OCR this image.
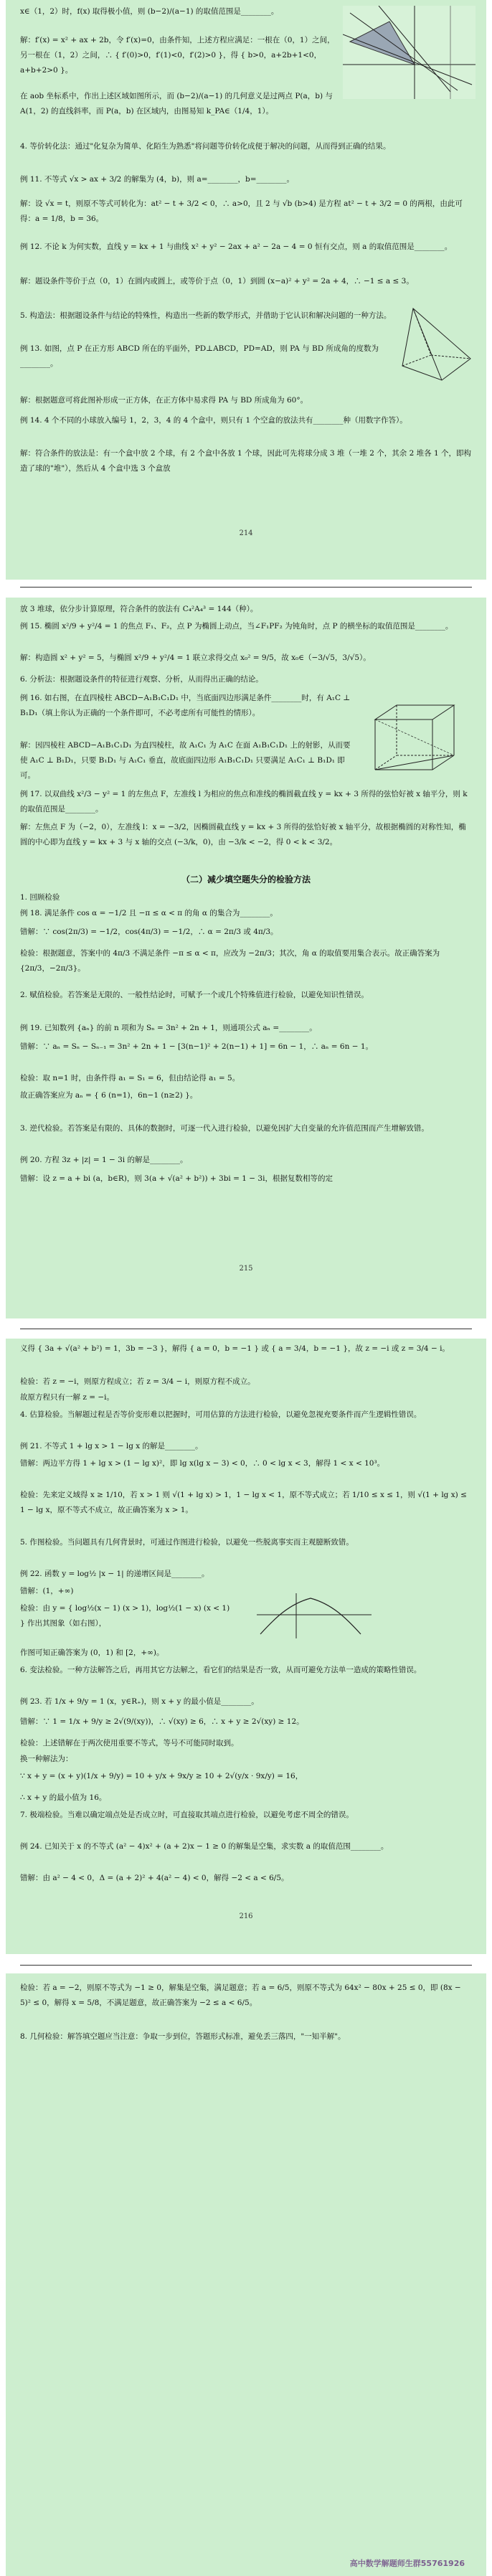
x∈（1，2）时，f(x) 取得极小值，则 (b−2)/(a−1) 的取值范围是________。
解：f′(x) = x² + ax + 2b，令 f′(x)=0，由条件知，上述方程应满足：一根在（0，1）之间，另一根在（1，2）之间，∴ { f′(0)>0，f′(1)<0，f′(2)>0 }，得 { b>0，a+2b+1<0，a+b+2>0 }。
在 aob 坐标系中，作出上述区域如图所示，而 (b−2)/(a−1) 的几何意义是过两点 P(a，b) 与 A(1，2) 的直线斜率，而 P(a，b) 在区域内，由图易知 k_PA∈（1/4，1）。
4. 等价转化法：通过"化复杂为简单、化陌生为熟悉"将问题等价转化成便于解决的问题，从而得到正确的结果。
例 11. 不等式 √x > ax + 3/2 的解集为 (4，b)，则 a=________，b=________。
解：设 √x = t，则原不等式可转化为：at² − t + 3/2 < 0，∴ a>0，且 2 与 √b (b>4) 是方程 at² − t + 3/2 = 0 的两根，由此可得：a = 1/8，b = 36。
例 12. 不论 k 为何实数，直线 y = kx + 1 与曲线 x² + y² − 2ax + a² − 2a − 4 = 0 恒有交点，则 a 的取值范围是________。
解：题设条件等价于点（0，1）在圆内或圆上，或等价于点（0，1）到圆 (x−a)² + y² = 2a + 4，∴ −1 ≤ a ≤ 3。
5. 构造法：根据题设条件与结论的特殊性，构造出一些新的数学形式，并借助于它认识和解决问题的一种方法。
例 13. 如图，点 P 在正方形 ABCD 所在的平面外，PD⊥ABCD，PD=AD，则 PA 与 BD 所成角的度数为________。
解：根据题意可将此图补形成一正方体，在正方体中易求得 PA 与 BD 所成角为 60°。
例 14. 4 个不同的小球放入编号 1，2，3，4 的 4 个盒中，则只有 1 个空盒的放法共有________种（用数字作答）。
解：符合条件的放法是：有一个盒中放 2 个球，有 2 个盒中各放 1 个球，因此可先将球分成 3 堆（一堆 2 个，其余 2 堆各 1 个，即构造了球的"堆"），然后从 4 个盒中选 3 个盒放
214
放 3 堆球，依分步计算原理，符合条件的放法有 C₄²A₄³ = 144（种）。
例 15. 椭圆 x²/9 + y²/4 = 1 的焦点 F₁、F₂，点 P 为椭圆上动点，当∠F₁PF₂ 为钝角时，点 P 的横坐标的取值范围是________。
解：构造圆 x² + y² = 5，与椭圆 x²/9 + y²/4 = 1 联立求得交点 x₀² = 9/5，故 x₀∈（−3/√5，3/√5）。
6. 分析法：根据题设条件的特征进行观察、分析，从而得出正确的结论。
例 16. 如右图，在直四棱柱 ABCD−A₁B₁C₁D₁ 中，当底面四边形满足条件________时，有 A₁C ⊥ B₁D₁（填上你认为正确的一个条件即可，不必考虑所有可能性的情形）。
解：因四棱柱 ABCD−A₁B₁C₁D₁ 为直四棱柱，故 A₁C₁ 为 A₁C 在面 A₁B₁C₁D₁ 上的射影，从而要使 A₁C ⊥ B₁D₁，只要 B₁D₁ 与 A₁C₁ 垂直，故底面四边形 A₁B₁C₁D₁ 只要满足 A₁C₁ ⊥ B₁D₁ 即可。
例 17. 以双曲线 x²/3 − y² = 1 的左焦点 F，左准线 l 为相应的焦点和准线的椭圆截直线 y = kx + 3 所得的弦恰好被 x 轴平分，则 k 的取值范围是________。
解：左焦点 F 为（−2，0），左准线 l：x = −3/2，因椭圆截直线 y = kx + 3 所得的弦恰好被 x 轴平分，故根据椭圆的对称性知，椭圆的中心即为直线 y = kx + 3 与 x 轴的交点 (−3/k，0)，由 −3/k < −2，得 0 < k < 3/2。
（二）减少填空题失分的检验方法
1. 回顾检验
例 18. 满足条件 cos α = −1/2 且 −π ≤ α < π 的角 α 的集合为________。
错解：∵ cos(2π/3) = −1/2，cos(4π/3) = −1/2，∴ α = 2π/3 或 4π/3。
检验：根据题意，答案中的 4π/3 不满足条件 −π ≤ α < π，应改为 −2π/3；其次，角 α 的取值要用集合表示。故正确答案为 {2π/3，−2π/3}。
2. 赋值检验。若答案是无限的、一般性结论时，可赋予一个或几个特殊值进行检验，以避免知识性错误。
例 19. 已知数列 {aₙ} 的前 n 项和为 Sₙ = 3n² + 2n + 1，则通项公式 aₙ =________。
错解：∵ aₙ = Sₙ − Sₙ₋₁ = 3n² + 2n + 1 − [3(n−1)² + 2(n−1) + 1] = 6n − 1，∴ aₙ = 6n − 1。
检验：取 n=1 时，由条件得 a₁ = S₁ = 6，但由结论得 a₁ = 5。
故正确答案应为 aₙ = { 6 (n=1)，6n−1 (n≥2) }。
3. 逆代检验。若答案是有限的、具体的数据时，可逐一代入进行检验，以避免因扩大自变量的允许值范围而产生增解致错。
例 20. 方程 3z + |z| = 1 − 3i 的解是________。
错解：设 z = a + bi (a，b∈R)，则 3(a + √(a² + b²)) + 3bi = 1 − 3i，根据复数相等的定
215
义得 { 3a + √(a² + b²) = 1，3b = −3 }，解得 { a = 0，b = −1 } 或 { a = 3/4，b = −1 }，故 z = −i 或 z = 3/4 − i。
检验：若 z = −i，则原方程成立；若 z = 3/4 − i，则原方程不成立。
故原方程只有一解 z = −i。
4. 估算检验。当解题过程是否等价变形难以把握时，可用估算的方法进行检验，以避免忽视充要条件而产生逻辑性错误。
例 21. 不等式 1 + lg x > 1 − lg x 的解是________。
错解：两边平方得 1 + lg x > (1 − lg x)²，即 lg x(lg x − 3) < 0，∴ 0 < lg x < 3，解得 1 < x < 10³。
检验：先来定义域得 x ≥ 1/10，若 x > 1 则 √(1 + lg x) > 1，1 − lg x < 1，原不等式成立；若 1/10 ≤ x ≤ 1，则 √(1 + lg x) ≤ 1 − lg x，原不等式不成立，故正确答案为 x > 1。
5. 作图检验。当问题具有几何背景时，可通过作图进行检验，以避免一些脱离事实而主观臆断致错。
例 22. 函数 y = log½ |x − 1| 的递增区间是________。
错解：(1，+∞)
检验：由 y = { log½(x − 1) (x > 1)，log½(1 − x) (x < 1) } 作出其图象（如右图），
作图可知正确答案为 (0，1) 和 [2，+∞)。
6. 变法检验。一种方法解答之后，再用其它方法解之，看它们的结果是否一致，从而可避免方法单一造成的策略性错误。
例 23. 若 1/x + 9/y = 1 (x，y∈R₊)，则 x + y 的最小值是________。
错解：∵ 1 = 1/x + 9/y ≥ 2√(9/(xy))，∴ √(xy) ≥ 6，∴ x + y ≥ 2√(xy) ≥ 12。
检验：上述错解在于两次使用重要不等式，等号不可能同时取到。
换一种解法为：
∵ x + y = (x + y)(1/x + 9/y) = 10 + y/x + 9x/y ≥ 10 + 2√(y/x · 9x/y) = 16，
∴ x + y 的最小值为 16。
7. 极端检验。当难以确定端点处是否成立时，可直接取其端点进行检验，以避免考虑不周全的错误。
例 24. 已知关于 x 的不等式 (a² − 4)x² + (a + 2)x − 1 ≥ 0 的解集是空集，求实数 a 的取值范围________。
错解：由 a² − 4 < 0，Δ = (a + 2)² + 4(a² − 4) < 0，解得 −2 < a < 6/5。
216
检验：若 a = −2，则原不等式为 −1 ≥ 0，解集是空集，满足题意；若 a = 6/5，则原不等式为 64x² − 80x + 25 ≤ 0，即 (8x − 5)² ≤ 0，解得 x = 5/8，不满足题意，故正确答案为 −2 ≤ a < 6/5。
8. 几何检验：解答填空题应当注意：争取一步到位，答题形式标准，避免丢三落四，"一知半解"。
高中数学解题师生群55761926
